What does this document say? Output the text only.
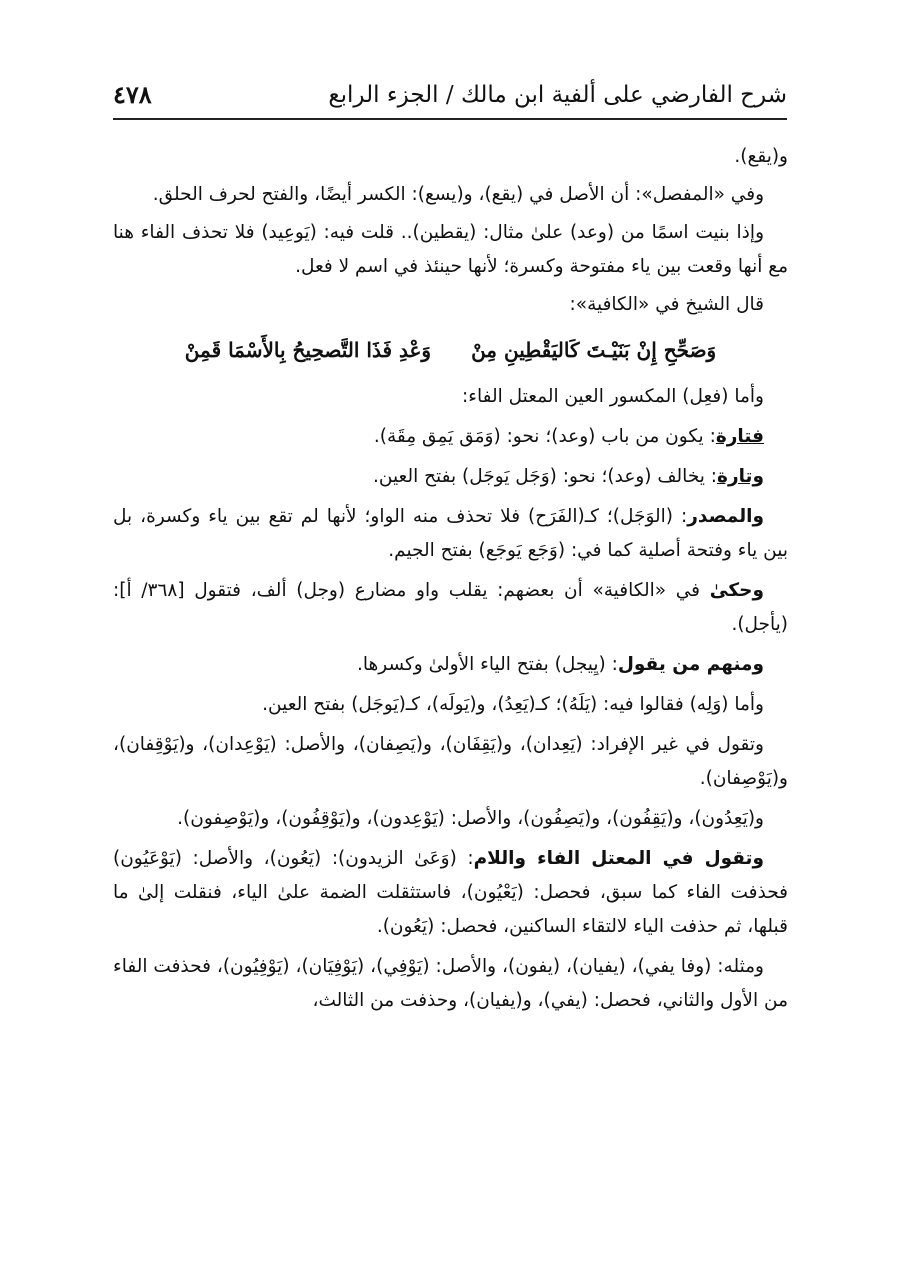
شرح الفارضي على ألفية ابن مالك / الجزء الرابع
٤٧٨

و(يقع).

وفي «المفصل»: أن الأصل في (يقع)، و(يسع): الكسر أيضًا، والفتح لحرف الحلق.

وإذا بنيت اسمًا من (وعد) علىٰ مثال: (يقطين).. قلت فيه: (يَوعِيد) فلا تحذف الفاء هنا مع أنها وقعت بين ياء مفتوحة وكسرة؛ لأنها حينئذ في اسم لا فعل.

قال الشيخ في «الكافية»:

وَصَحِّحِ إِنْ بَنَيْـتَ كَاليَقْطِينِ مِنْ
وَعْدِ فَذَا التَّصحِيحُ بِالأَسْمَا قَمِنْ

وأما (فعِل) المكسور العين المعتل الفاء:

فتارة: يكون من باب (وعد)؛ نحو: (وَمَق يَمِق مِقَة).

وتارة: يخالف (وعد)؛ نحو: (وَجَل يَوجَل) بفتح العين.

والمصدر: (الوَجَل)؛ كـ(الفَرَح) فلا تحذف منه الواو؛ لأنها لم تقع بين ياء وكسرة، بل بين ياء وفتحة أصلية كما في: (وَجَع يَوجَع) بفتح الجيم.

وحكىٰ في «الكافية» أن بعضهم: يقلب واو مضارع (وجل) ألف، فتقول [٣٦٨/ أ]: (يأجل).

ومنهم من يقول: (يِيجل) بفتح الياء الأولىٰ وكسرها.

وأما (وَلِه) فقالوا فيه: (يَلَهُ)؛ كـ(يَعِدُ)، و(يَولَه)، كـ(يَوجَل) بفتح العين.

وتقول في غير الإفراد: (يَعِدان)، و(يَقِفَان)، و(يَصِفان)، والأصل: (يَوْعِدان)، و(يَوْقِفان)، و(يَوْصِفان).

و(يَعِدُون)، و(يَقِفُون)، و(يَصِفُون)، والأصل: (يَوْعِدون)، و(يَوْقِفُون)، و(يَوْصِفون).

وتقول في المعتل الفاء واللام: (وَعَىٰ الزيدون): (يَعُون)، والأصل: (يَوْعَيُون) فحذفت الفاء كما سبق، فحصل: (يَعْيُون)، فاستثقلت الضمة علىٰ الياء، فنقلت إلىٰ ما قبلها، ثم حذفت الياء لالتقاء الساكنين، فحصل: (يَعُون).

ومثله: (وفا يفي)، (يفيان)، (يفون)، والأصل: (يَوْفِي)، (يَوْفِيَان)، (يَوْفِيُون)، فحذفت الفاء من الأول والثاني، فحصل: (يفي)، و(يفيان)، وحذفت من الثالث،
